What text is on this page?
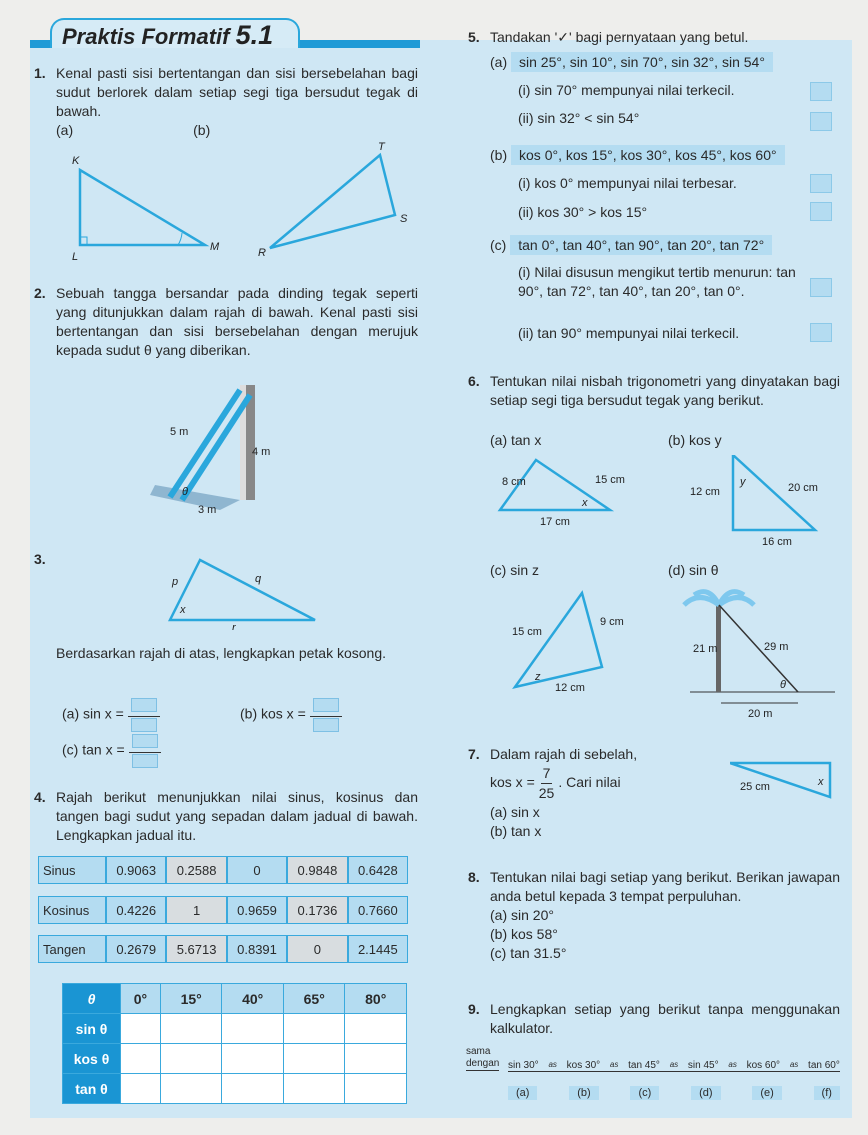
Praktis Formatif 5.1
1. Kenal pasti sisi bertentangan dan sisi bersebelahan bagi sudut berlorek dalam setiap segi tiga bersudut tegak di bawah.
(a)	(b)
K
L
M
T
S
R
2. Sebuah tangga bersandar pada dinding tegak seperti yang ditunjukkan dalam rajah di bawah. Kenal pasti sisi bertentangan dan sisi bersebelahan dengan merujuk kepada sudut θ yang diberikan.
5 m
4 m
3 m
θ
3.
p	q
r
x
Berdasarkan rajah di atas, lengkapkan petak kosong.
(a) sin x =	(b) kos x =
(c) tan x =
4. Rajah berikut menunjukkan nilai sinus, kosinus dan tangen bagi sudut yang sepadan dalam jadual di bawah. Lengkapkan jadual itu.
Sinus	0.9063	0.2588	0	0.9848	0.6428
Kosinus	0.4226	1	0.9659	0.1736	0.7660
Tangen	0.2679	5.6713	0.8391	0	2.1445
θ	0°	15°	40°	65°	80°
sin θ					
kos θ					
tan θ					
5. Tandakan '✓' bagi pernyataan yang betul.
(a) sin 25°, sin 10°, sin 70°, sin 32°, sin 54°
(i) sin 70° mempunyai nilai terkecil.
(ii) sin 32° < sin 54°
(b) kos 0°, kos 15°, kos 30°, kos 45°, kos 60°
(i) kos 0° mempunyai nilai terbesar.
(ii) kos 30° > kos 15°
(c) tan 0°, tan 40°, tan 90°, tan 20°, tan 72°
(i) Nilai disusun mengikut tertib menurun: tan 90°, tan 72°, tan 40°, tan 20°, tan 0°.
(ii) tan 90° mempunyai nilai terkecil.
6. Tentukan nilai nisbah trigonometri yang dinyatakan bagi setiap segi tiga bersudut tegak yang berikut.
(a) tan x	(b) kos y
(c) sin z	(d) sin θ
8 cm	15 cm
17 cm
x
12 cm	20 cm
16 cm
y
15 cm
9 cm
12 cm
z
21 m	29 m
20 m
θ
7. Dalam rajah di sebelah,
kos $x = \frac{7}{25}$ . Cari nilai
(a) sin x
(b) tan x
25 cm	x
8. Tentukan nilai bagi setiap yang berikut. Berikan jawapan anda betul kepada 3 tempat perpuluhan.
(a) sin 20°
(b) kos 58°
(c) tan 31.5°
9. Lengkapkan setiap yang berikut tanpa menggunakan kalkulator.
sama
dengan sin 30° as kos 30° as tan 45° as sin 45° as kos 60° as tan 60°
(a)	(b)	(c)	(d)	(e)	(f)
